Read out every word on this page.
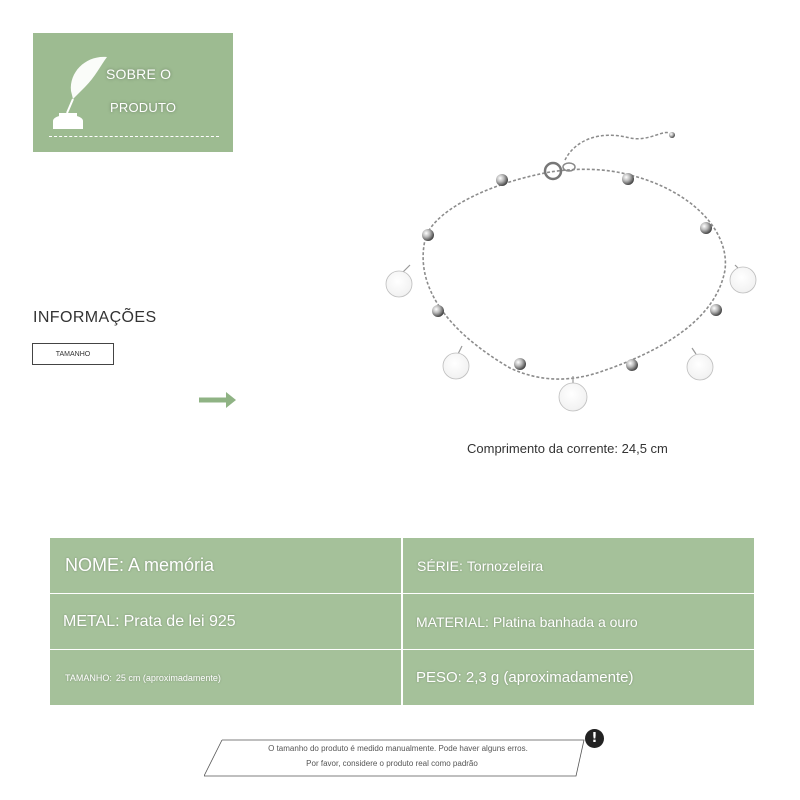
SOBRE O
PRODUTO
INFORMAÇÕES
TAMANHO
Comprimento da corrente: 24,5 cm
NOME: A memória	SÉRIE: Tornozeleira
METAL: Prata de lei 925	MATERIAL: Platina banhada a ouro
TAMANHO: 25 cm (aproximadamente)	PESO: 2,3 g (aproximadamente)
O tamanho do produto é medido manualmente. Pode haver alguns erros.
Por favor, considere o produto real como padrão
!
